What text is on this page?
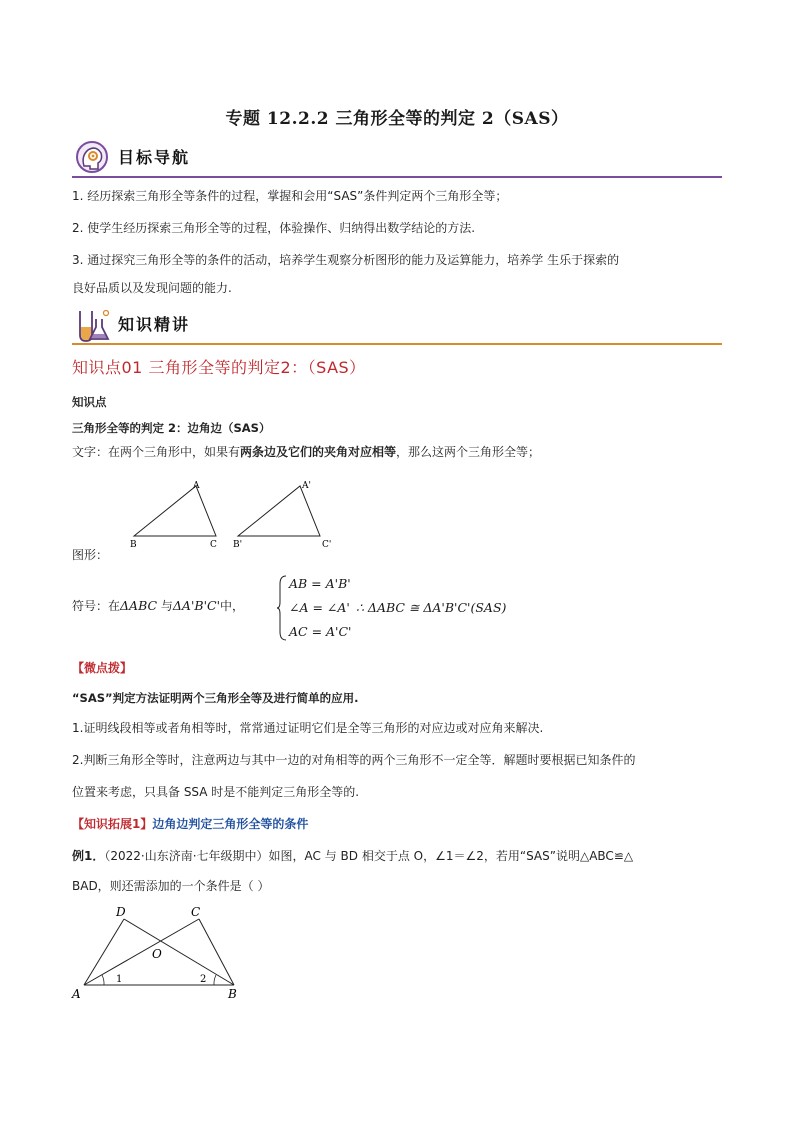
专题 12.2.2 三角形全等的判定 2（SAS）
目标导航
1. 经历探索三角形全等条件的过程，掌握和会用“SAS”条件判定两个三角形全等；
2. 使学生经历探索三角形全等的过程，体验操作、归纳得出数学结论的方法.
3. 通过探究三角形全等的条件的活动，培养学生观察分析图形的能力及运算能力，培养学 生乐于探索的
良好品质以及发现问题的能力.
知识精讲
知识点01 三角形全等的判定2：（SAS）
知识点
三角形全等的判定 2：边角边（SAS）
文字：在两个三角形中，如果有两条边及它们的夹角对应相等，那么这两个三角形全等；
A
B	C
A'
B'	C'
图形：
符号：在ΔABC 与ΔA'B'C'中，
AB = A'B'
∠A = ∠A'
AC = A'C'
∴ ΔABC ≅ ΔA'B'C'(SAS)
【微点拨】
“SAS”判定方法证明两个三角形全等及进行简单的应用.
1.证明线段相等或者角相等时，常常通过证明它们是全等三角形的对应边或对应角来解决.
2.判断三角形全等时，注意两边与其中一边的对角相等的两个三角形不一定全等．解题时要根据已知条件的
位置来考虑，只具备 SSA 时是不能判定三角形全等的.
【知识拓展1】边角边判定三角形全等的条件
例1．（2022·山东济南·七年级期中）如图，AC 与 BD 相交于点 O，∠1＝∠2，若用“SAS”说明△ABC≌△
BAD，则还需添加的一个条件是（ ）
A	B
C
D
O
1	2
